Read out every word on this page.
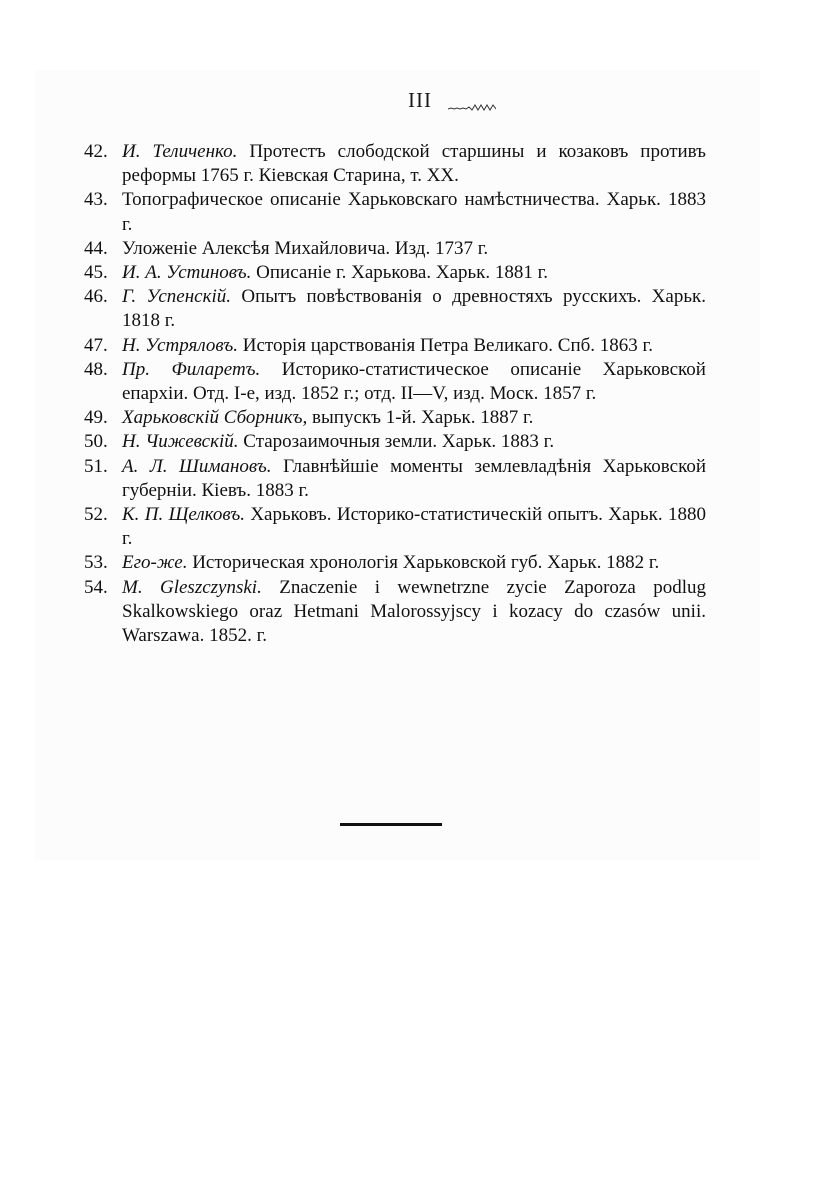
III
42. И. Теличенко. Протестъ слободской старшины и козаковъ противъ реформы 1765 г. Кіевская Старина, т. XX.
43. Топографическое описаніе Харьковскаго намѣстничества. Харьк. 1883 г.
44. Уложеніе Алексѣя Михайловича. Изд. 1737 г.
45. И. А. Устиновъ. Описаніе г. Харькова. Харьк. 1881 г.
46. Г. Успенскій. Опытъ повѣствованія о древностяхъ русскихъ. Харьк. 1818 г.
47. Н. Устряловъ. Исторія царствованія Петра Великаго. Спб. 1863 г.
48. Пр. Филаретъ. Историко-статистическое описаніе Харьковской епархіи. Отд. I-е, изд. 1852 г.; отд. II—V, изд. Моск. 1857 г.
49. Харьковскій Сборникъ, выпускъ 1-й. Харьк. 1887 г.
50. Н. Чижевскій. Старозаимочныя земли. Харьк. 1883 г.
51. А. Л. Шимановъ. Главнѣйшіе моменты землевладѣнія Харьковской губерніи. Кіевъ. 1883 г.
52. К. П. Щелковъ. Харьковъ. Историко-статистическій опытъ. Харьк. 1880 г.
53. Его-же. Историческая хронологія Харьковской губ. Харьк. 1882 г.
54. M. Gleszczynski. Znaczenie i wewnetrzne zycie Zaporoza podlug Skalkowskiego oraz Hetmani Malorossyjscy i kozacy do czasów unii. Warszawa. 1852. г.
